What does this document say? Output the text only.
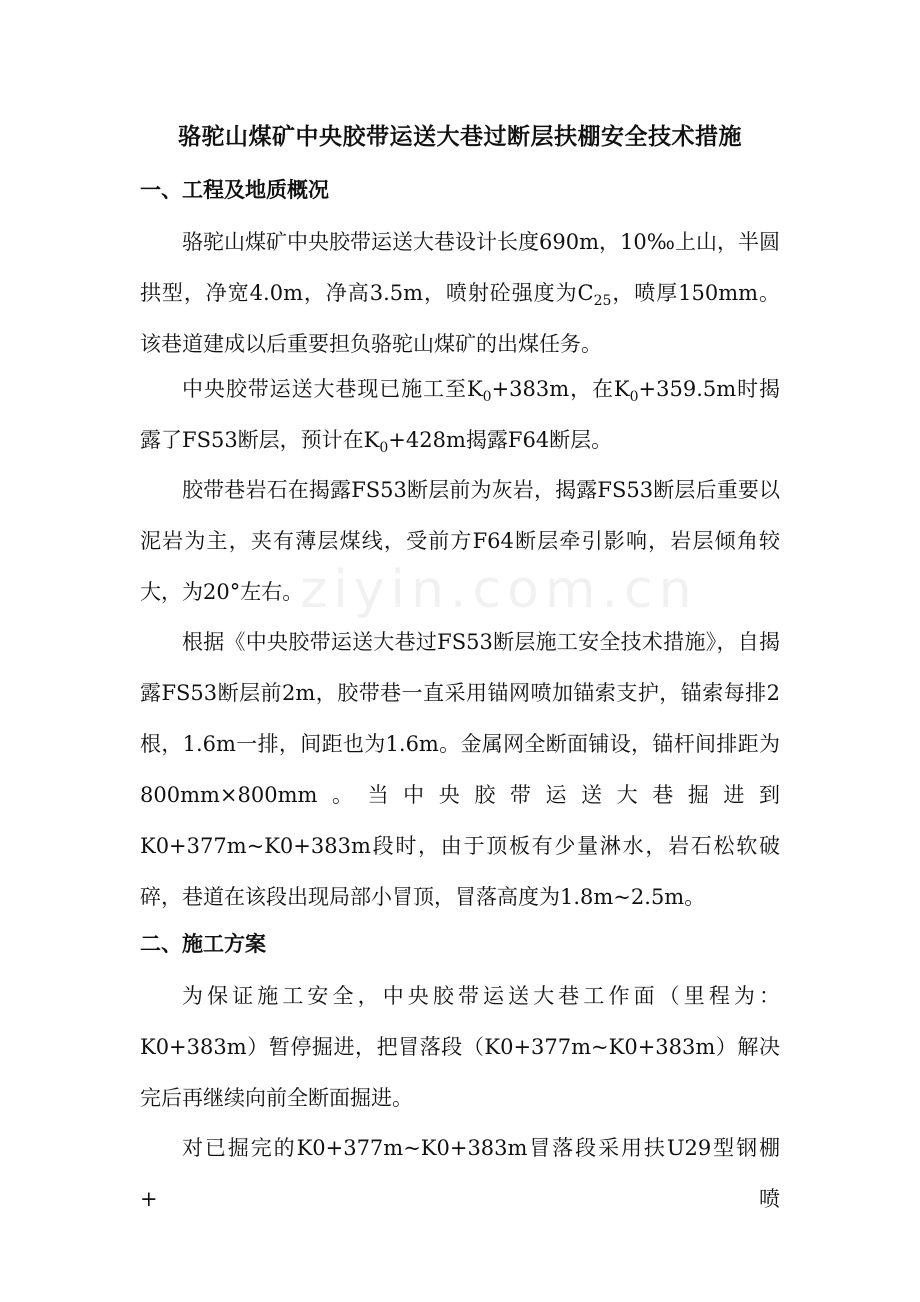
ziyin.com.cn
骆驼山煤矿中央胶带运送大巷过断层扶棚安全技术措施
一、工程及地质概况

骆驼山煤矿中央胶带运送大巷设计长度690m，10‰上山，半圆拱型，净宽4.0m，净高3.5m，喷射砼强度为$C_{25}$，喷厚150mm。该巷道建成以后重要担负骆驼山煤矿的出煤任务。

中央胶带运送大巷现已施工至$K_0+383m$，在$K_0+359.5m$时揭露了FS53断层，预计在$K_0+428m$揭露F64断层。

胶带巷岩石在揭露FS53断层前为灰岩，揭露FS53断层后重要以泥岩为主，夹有薄层煤线，受前方F64断层牵引影响，岩层倾角较大，为20°左右。

根据《中央胶带运送大巷过FS53断层施工安全技术措施》，自揭露FS53断层前2m，胶带巷一直采用锚网喷加锚索支护，锚索每排2根，1.6m一排，间距也为1.6m。金属网全断面铺设，锚杆间排距为800mm×800mm。当中央胶带运送大巷掘进到K0+377m~K0+383m段时，由于顶板有少量淋水，岩石松软破碎，巷道在该段出现局部小冒顶，冒落高度为1.8m~2.5m。

二、施工方案

为保证施工安全，中央胶带运送大巷工作面（里程为：K0+383m）暂停掘进，把冒落段（K0+377m~K0+383m）解决完后再继续向前全断面掘进。

对已掘完的K0+377m~K0+383m冒落段采用扶U29型钢棚+喷
